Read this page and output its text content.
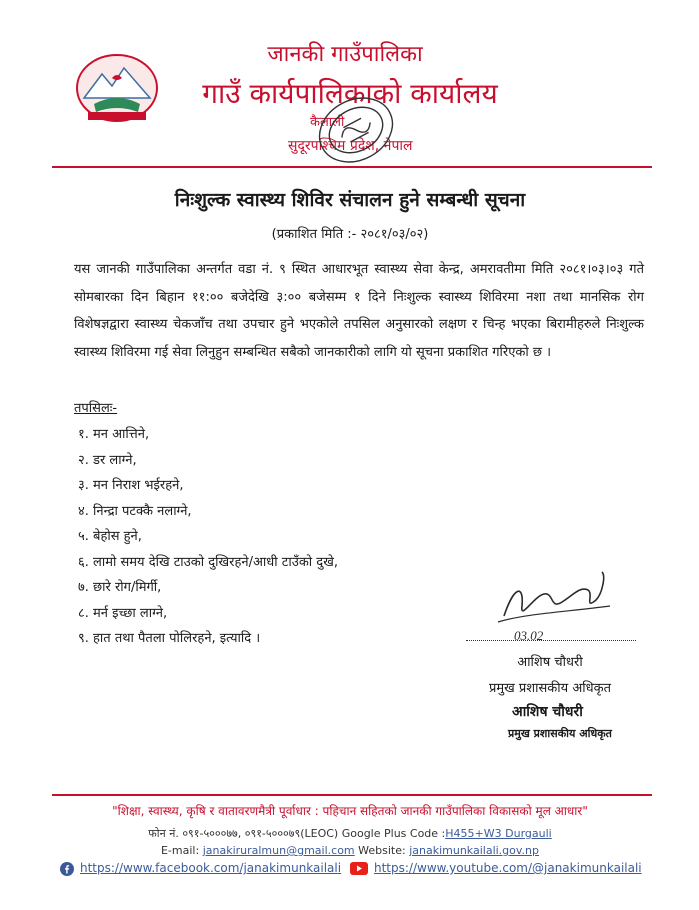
जानकी गाउँपालिका
गाउँ कार्यपालिकाको कार्यालय
कैलाली
सुदूरपश्चिम प्रदेश, नेपाल
निःशुल्क स्वास्थ्य शिविर संचालन हुने सम्बन्धी सूचना
(प्रकाशित मिति :- २०८१/०३/०२)
यस जानकी गाउँपालिका अन्तर्गत वडा नं. ९ स्थित आधारभूत स्वास्थ्य सेवा केन्द्र, अमरावतीमा मिति २०८१।०३।०३ गते सोमबारका दिन बिहान ११:०० बजेदेखि ३:०० बजेसम्म १ दिने निःशुल्क स्वास्थ्य शिविरमा नशा तथा मानसिक रोग विशेषज्ञद्वारा स्वास्थ्य चेकजाँच तथा उपचार हुने भएकोले तपसिल अनुसारको लक्षण र चिन्ह भएका बिरामीहरुले निःशुल्क स्वास्थ्य शिविरमा गई सेवा लिनुहुन सम्बन्धित सबैको जानकारीको लागि यो सूचना प्रकाशित गरिएको छ ।
तपसिलः-
१. मन आत्तिने,
२. डर लाग्ने,
३. मन निराश भईरहने,
४. निन्द्रा पटक्कै नलाग्ने,
५. बेहोस हुने,
६. लामो समय देखि टाउको दुखिरहने/आधी टाउँको दुखे,
७. छारे रोग/मिर्गी,
८. मर्न इच्छा लाग्ने,
९. हात तथा पैतला पोलिरहने, इत्यादि ।	03.02
आशिष चौधरी
प्रमुख प्रशासकीय अधिकृत
आशिष चौधरी
प्रमुख प्रशासकीय अधिकृत
"शिक्षा, स्वास्थ्य, कृषि र वातावरणमैत्री पूर्वाधार : पहिचान सहितको जानकी गाउँपालिका विकासको मूल आधार"
फोन नं. ०९१-५०००७७, ०९१-५०००७९(LEOC) Google Plus Code :H455+W3 Durgauli
E-mail: janakiruralmun@gmail.com Website: janakimunkailali.gov.np
https://www.facebook.com/janakimunkailali	https://www.youtube.com/@janakimunkailali
